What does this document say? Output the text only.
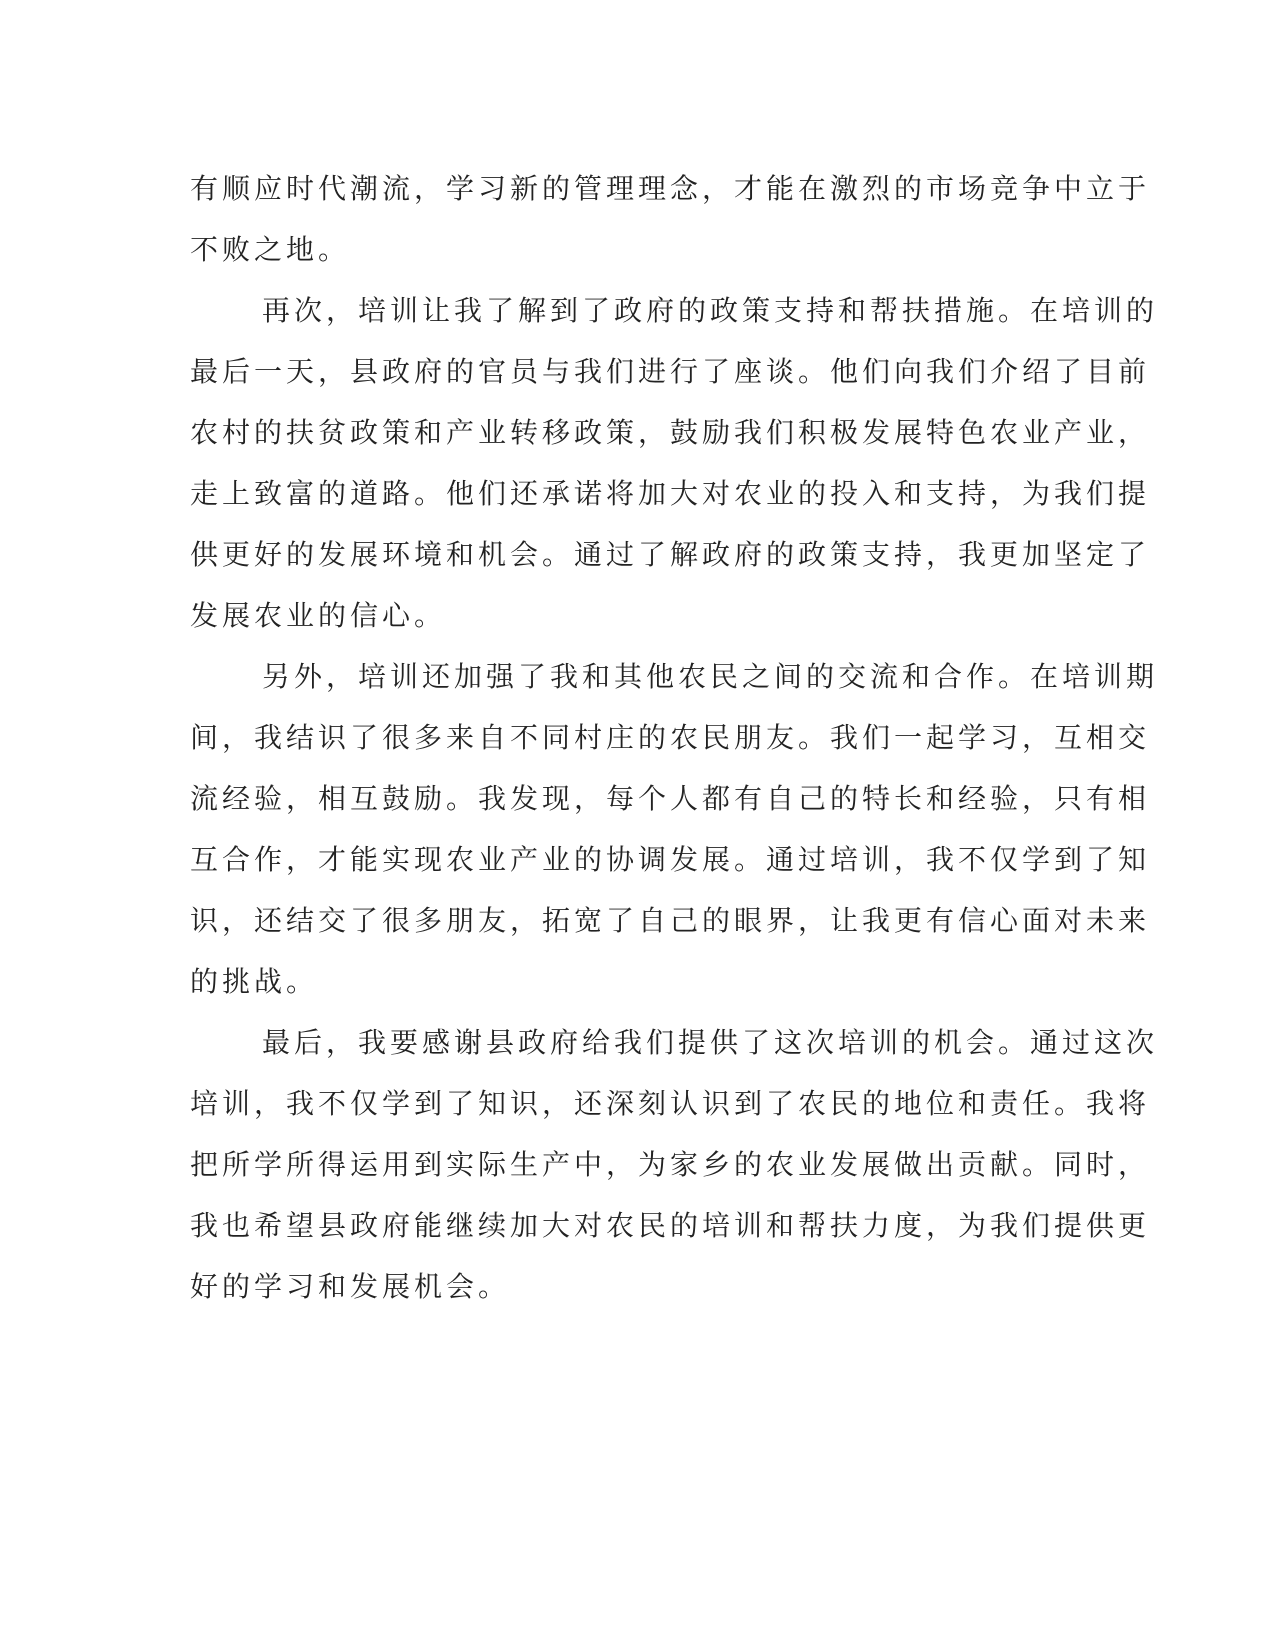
有顺应时代潮流，学习新的管理理念，才能在激烈的市场竞争中立于
不败之地。
再次，培训让我了解到了政府的政策支持和帮扶措施。在培训的
最后一天，县政府的官员与我们进行了座谈。他们向我们介绍了目前
农村的扶贫政策和产业转移政策，鼓励我们积极发展特色农业产业，
走上致富的道路。他们还承诺将加大对农业的投入和支持，为我们提
供更好的发展环境和机会。通过了解政府的政策支持，我更加坚定了
发展农业的信心。
另外，培训还加强了我和其他农民之间的交流和合作。在培训期
间，我结识了很多来自不同村庄的农民朋友。我们一起学习，互相交
流经验，相互鼓励。我发现，每个人都有自己的特长和经验，只有相
互合作，才能实现农业产业的协调发展。通过培训，我不仅学到了知
识，还结交了很多朋友，拓宽了自己的眼界，让我更有信心面对未来
的挑战。
最后，我要感谢县政府给我们提供了这次培训的机会。通过这次
培训，我不仅学到了知识，还深刻认识到了农民的地位和责任。我将
把所学所得运用到实际生产中，为家乡的农业发展做出贡献。同时，
我也希望县政府能继续加大对农民的培训和帮扶力度，为我们提供更
好的学习和发展机会。
